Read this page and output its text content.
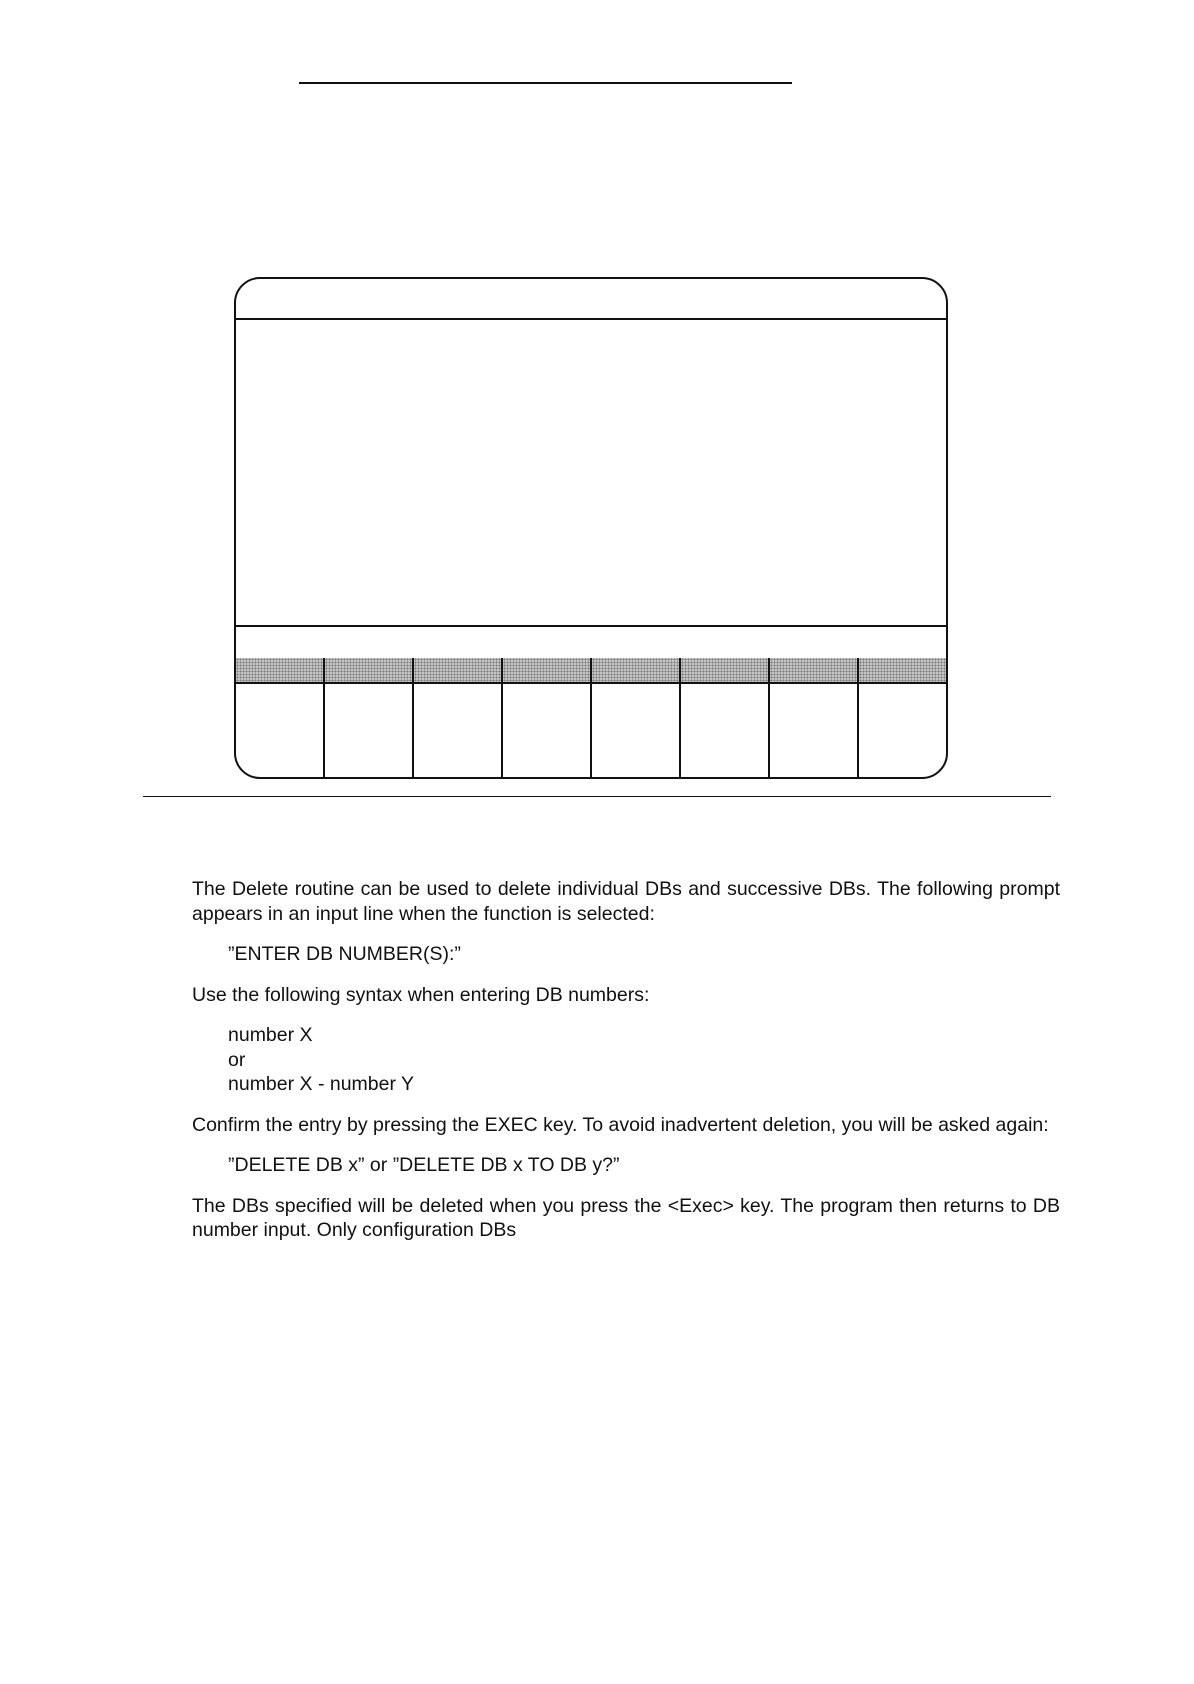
The Delete routine can be used to delete individual DBs and successive DBs. The following prompt appears in an input line when the function is selected:

”ENTER DB NUMBER(S):”

Use the following syntax when entering DB numbers:

number X
or
number X - number Y

Confirm the entry by pressing the EXEC key. To avoid inadvertent deletion, you will be asked again:

”DELETE DB x” or ”DELETE DB x TO DB y?”

The DBs specified will be deleted when you press the <Exec> key. The program then returns to DB number input. Only configuration DBs
